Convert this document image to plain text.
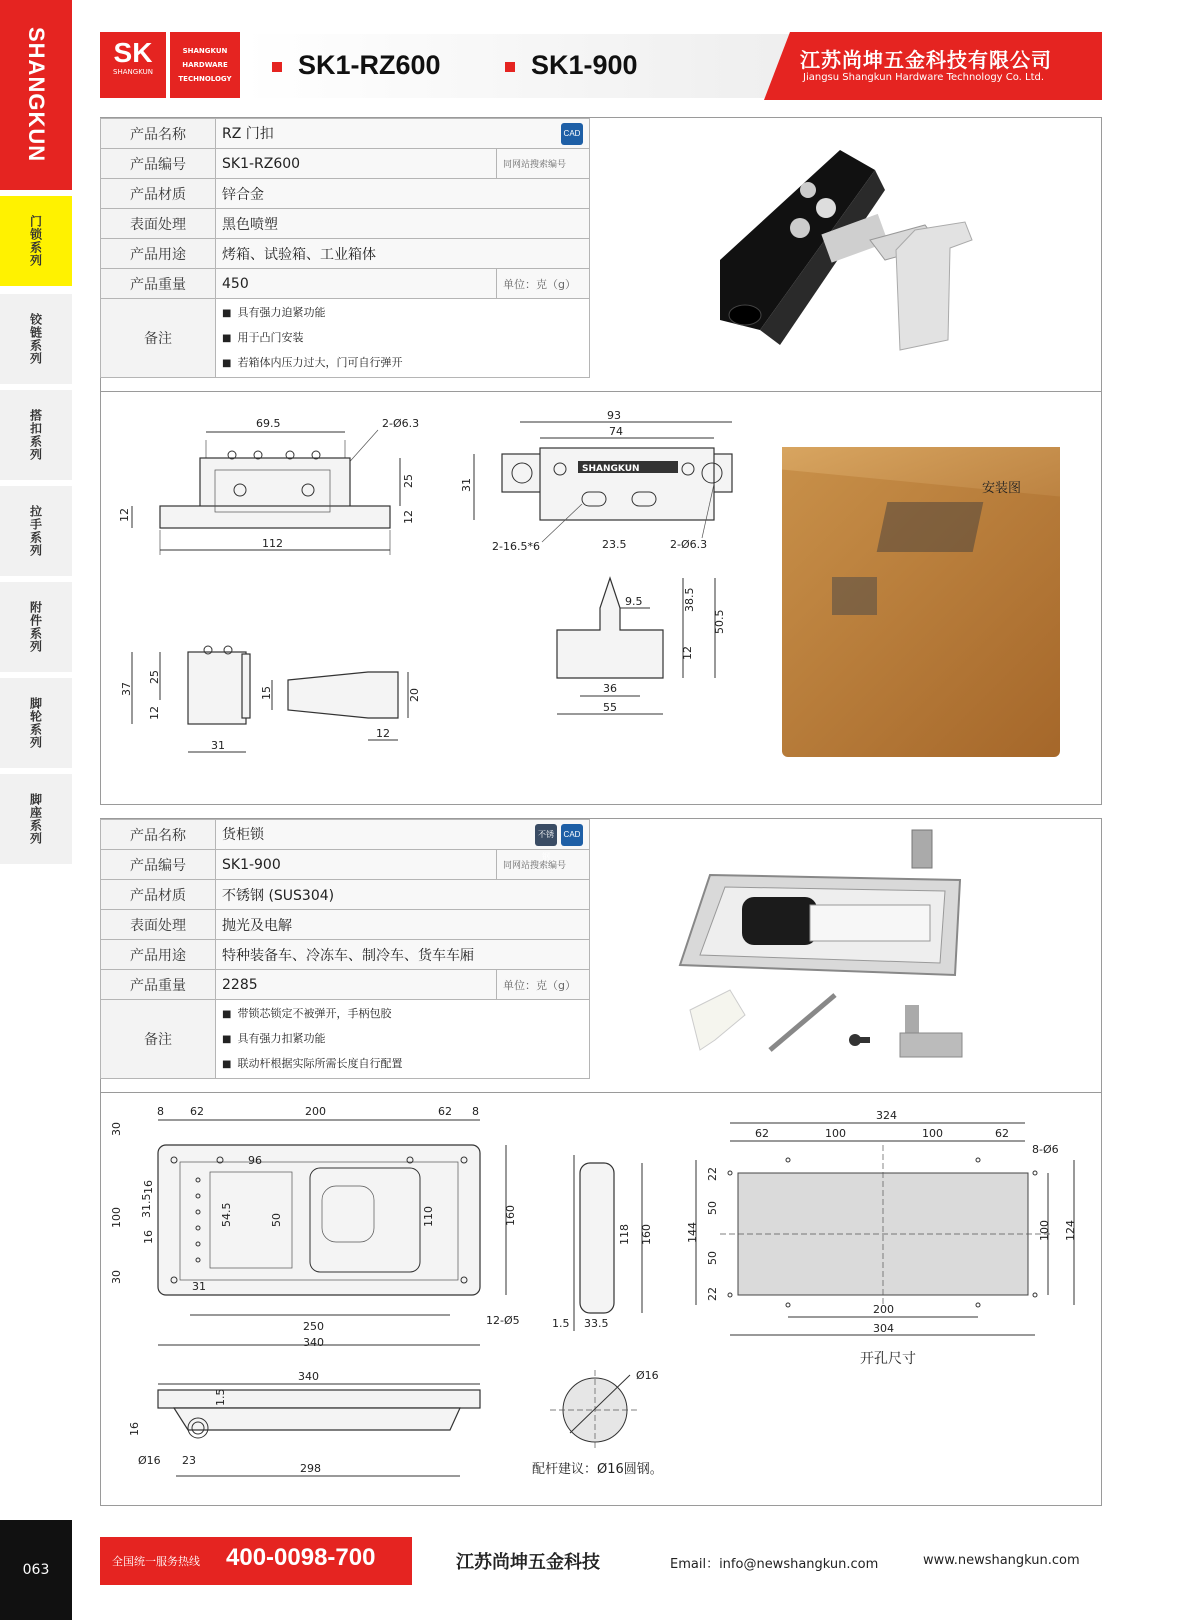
SHANGKUN
门锁系列
铰链系列
搭扣系列
拉手系列
附件系列
脚轮系列
脚座系列
063
SK
SHANGKUN
SHANGKUN
HARDWARE
TECHNOLOGY	SK1-RZ600	SK1-900	江苏尚坤五金科技有限公司
Jiangsu Shangkun Hardware Technology Co. Ltd.
产品名称	RZ 门扣 CAD	

产品编号	SK1-RZ600	同网站搜索编号
产品材质	锌合金	
表面处理	黑色喷塑	
产品用途	烤箱、试验箱、工业箱体	
产品重量	450	单位：克（g）
备注	■ 具有强力迫紧功能
■ 用于凸门安装
■ 若箱体内压力过大，门可自行弹开
69.5	2-Ø6.3
112
12
25
12
93
74
SHANGKUN
31
2-16.5*6	23.5	2-Ø6.3
37
25
12
31
15	20
12
9.5	38.5
12
50.5
36
55
安装图
产品名称	货柜锁 CAD
不锈钢	

产品编号	SK1-900	同网站搜索编号
产品材质	不锈钢 (SUS304)	
表面处理	抛光及电解	
产品用途	特种装备车、冷冻车、制冷车、货车车厢	
产品重量	2285	单位：克（g）
备注	■ 带锁芯锁定不被弹开，手柄包胶
■ 具有强力扣紧功能
■ 联动杆根据实际所需长度自行配置
8 62	200	62 8
96
54.5	50	110	160
12-Ø5
30
100
30
16
31.5
16
31
250
340
118 160
1.5 33.5
324
62	100	100	62
8-Ø6
144
22
50
50
22
100 124
200
304
开孔尺寸
340
1.5
16
Ø16 23
298
Ø16
配杆建议：Ø16圆钢。
全国统一服务热线 400-0098-700	江苏尚坤五金科技	Email：info@newshangkun.com	www.newshangkun.com
